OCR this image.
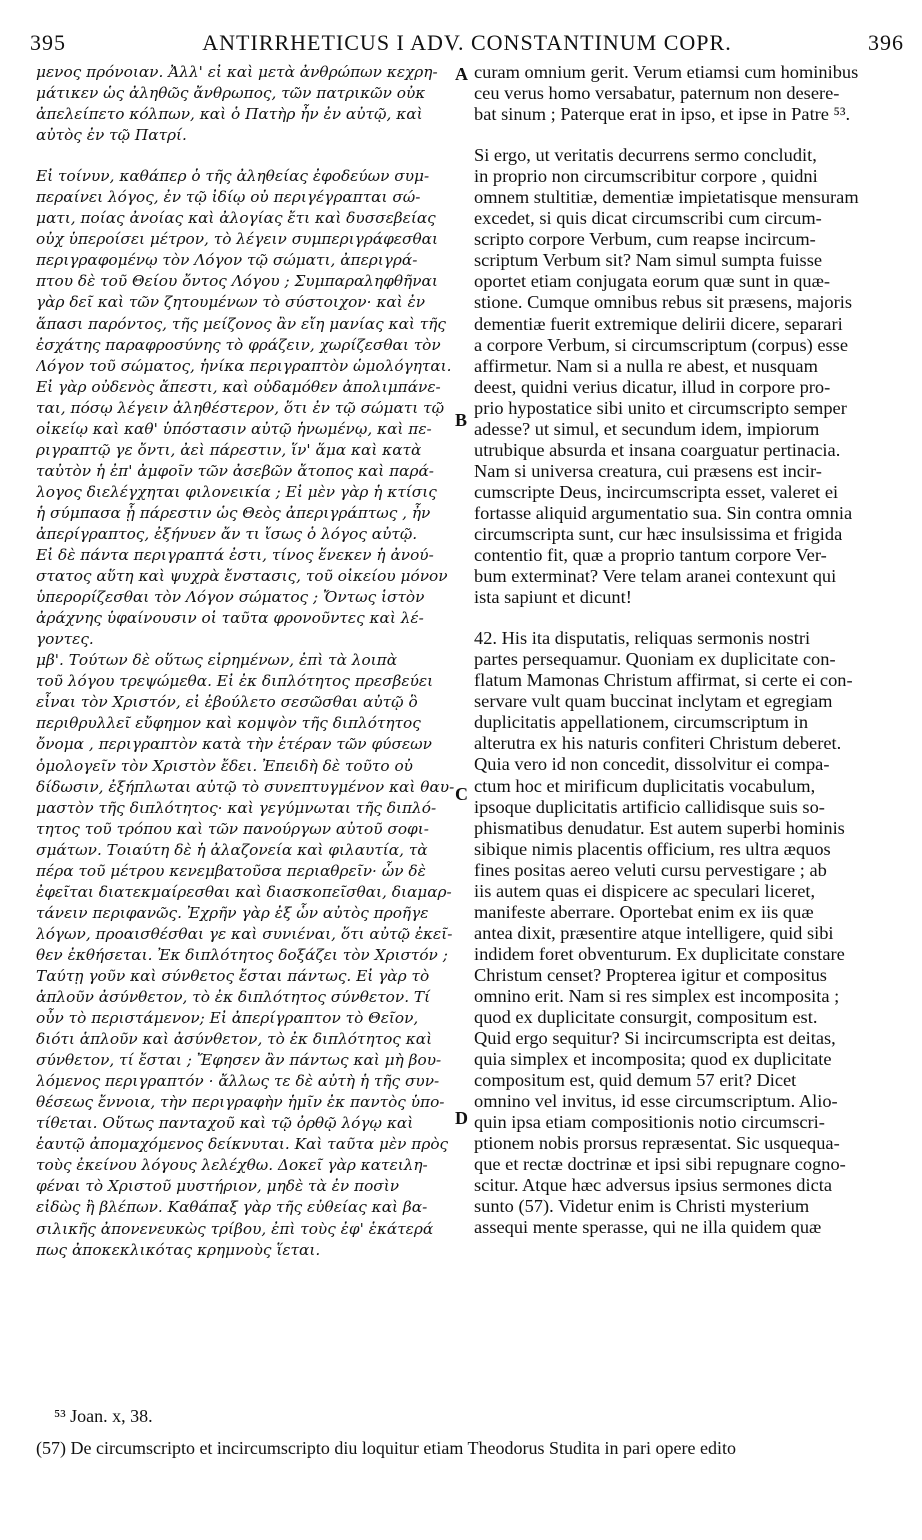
395	ANTIRRHETICUS I ADV. CONSTANTINUM COPR.	396
μενος πρόνοιαν. Ἀλλ' εἰ καὶ μετὰ ἀνθρώπων κεχρη-
μάτικεν ὡς ἀληθῶς ἄνθρωπος, τῶν πατρικῶν οὐκ
ἀπελείπετο κόλπων, καὶ ὁ Πατὴρ ἦν ἐν αὐτῷ, καὶ
αὐτὸς ἐν τῷ Πατρί.
Εἰ τοίνυν, καθάπερ ὁ τῆς ἀληθείας ἐφοδεύων συμ-
περαίνει λόγος, ἐν τῷ ἰδίῳ οὐ περιγέγραπται σώ-
ματι, ποίας ἀνοίας καὶ ἀλογίας ἔτι καὶ δυσσεβείας
οὐχ ὑπεροίσει μέτρον, τὸ λέγειν συμπεριγράφεσθαι
περιγραφομένῳ τὸν Λόγον τῷ σώματι, ἀπεριγρά-
πτου δὲ τοῦ Θείου ὄντος Λόγου ; Συμπαραληφθῆναι
γὰρ δεῖ καὶ τῶν ζητουμένων τὸ σύστοιχον· καὶ ἐν
ἅπασι παρόντος, τῆς μείζονος ἂν εἴη μανίας καὶ τῆς
ἐσχάτης παραφροσύνης τὸ φράζειν, χωρίζεσθαι τὸν
Λόγον τοῦ σώματος, ἡνίκα περιγραπτὸν ὡμολόγηται.
Εἰ γὰρ οὐδενὸς ἄπεστι, καὶ οὐδαμόθεν ἀπολιμπάνε-
ται, πόσῳ λέγειν ἀληθέστερον, ὅτι ἐν τῷ σώματι τῷ
οἰκείῳ καὶ καθ' ὑπόστασιν αὐτῷ ἡνωμένῳ, καὶ πε-
ριγραπτῷ γε ὄντι, ἀεὶ πάρεστιν, ἵν' ἅμα καὶ κατὰ
ταὐτὸν ἡ ἐπ' ἀμφοῖν τῶν ἀσεβῶν ἄτοπος καὶ παρά-
λογος διελέγχηται φιλονεικία ; Εἰ μὲν γὰρ ἡ κτίσις
ἡ σύμπασα ᾗ πάρεστιν ὡς Θεὸς ἀπεριγράπτως , ἦν
ἀπερίγραπτος, ἐξήνυεν ἄν τι ἴσως ὁ λόγος αὐτῷ.
Εἰ δὲ πάντα περιγραπτά ἐστι, τίνος ἕνεκεν ἡ ἀνού-
στατος αὕτη καὶ ψυχρὰ ἔνστασις, τοῦ οἰκείου μόνον
ὑπερορίζεσθαι τὸν Λόγον σώματος ; Ὄντως ἱστὸν
ἀράχνης ὑφαίνουσιν οἱ ταῦτα φρονοῦντες καὶ λέ-
γοντες.
μβ'. Τούτων δὲ οὕτως εἰρημένων, ἐπὶ τὰ λοιπὰ
τοῦ λόγου τρεψώμεθα. Εἰ ἐκ διπλότητος πρεσβεύει
εἶναι τὸν Χριστόν, εἰ ἐβούλετο σεσῶσθαι αὐτῷ ὃ
περιθρυλλεῖ εὔφημον καὶ κομψὸν τῆς διπλότητος
ὄνομα , περιγραπτὸν κατὰ τὴν ἑτέραν τῶν φύσεων
ὁμολογεῖν τὸν Χριστὸν ἔδει. Ἐπειδὴ δὲ τοῦτο οὐ
δίδωσιν, ἐξήπλωται αὐτῷ τὸ συνεπτυγμένον καὶ θαυ-
μαστὸν τῆς διπλότητος· καὶ γεγύμνωται τῆς διπλό-
τητος τοῦ τρόπου καὶ τῶν πανούργων αὐτοῦ σοφι-
σμάτων. Τοιαύτη δὲ ἡ ἀλαζονεία καὶ φιλαυτία, τὰ
πέρα τοῦ μέτρου κενεμβατοῦσα περιαθρεῖν· ὧν δὲ
ἐφεῖται διατεκμαίρεσθαι καὶ διασκοπεῖσθαι, διαμαρ-
τάνειν περιφανῶς. Ἐχρῆν γὰρ ἐξ ὧν αὐτὸς προῆγε
λόγων, προαισθέσθαι γε καὶ συνιέναι, ὅτι αὐτῷ ἐκεῖ-
θεν ἐκθήσεται. Ἐκ διπλότητος δοξάζει τὸν Χριστόν ;
Ταύτῃ γοῦν καὶ σύνθετος ἔσται πάντως. Εἰ γὰρ τὸ
ἁπλοῦν ἀσύνθετον, τὸ ἐκ διπλότητος σύνθετον. Τί
οὖν τὸ περιστάμενον; Εἰ ἀπερίγραπτον τὸ Θεῖον,
διότι ἁπλοῦν καὶ ἀσύνθετον, τὸ ἐκ διπλότητος καὶ
σύνθετον, τί ἔσται ; Ἔφησεν ἂν πάντως καὶ μὴ βου-
λόμενος περιγραπτόν · ἄλλως τε δὲ αὐτὴ ἡ τῆς συν-
θέσεως ἔννοια, τὴν περιγραφὴν ἡμῖν ἐκ παντὸς ὑπο-
τίθεται. Οὕτως πανταχοῦ καὶ τῷ ὀρθῷ λόγῳ καὶ
ἑαυτῷ ἀπομαχόμενος δείκνυται. Καὶ ταῦτα μὲν πρὸς
τοὺς ἐκείνου λόγους λελέχθω. Δοκεῖ γὰρ κατειλη-
φέναι τὸ Χριστοῦ μυστήριον, μηδὲ τὰ ἐν ποσὶν
εἰδὼς ἢ βλέπων. Καθάπαξ γὰρ τῆς εὐθείας καὶ βα-
σιλικῆς ἀπονενευκὼς τρίβου, ἐπὶ τοὺς ἐφ' ἑκάτερά
πως ἀποκεκλικότας κρημνοὺς ἵεται.
curam omnium gerit. Verum etiamsi cum hominibus
ceu verus homo versabatur, paternum non desere-
bat sinum ; Paterque erat in ipso, et ipse in Patre ⁵³.
Si ergo, ut veritatis decurrens sermo concludit,
in proprio non circumscribitur corpore , quidni
omnem stultitiæ, dementiæ impietatisque mensuram
excedet, si quis dicat circumscribi cum circum-
scripto corpore Verbum, cum reapse incircum-
scriptum Verbum sit? Nam simul sumpta fuisse
oportet etiam conjugata eorum quæ sunt in quæ-
stione. Cumque omnibus rebus sit præsens, majoris
dementiæ fuerit extremique delirii dicere, separari
a corpore Verbum, si circumscriptum (corpus) esse
affirmetur. Nam si a nulla re abest, et nusquam
deest, quidni verius dicatur, illud in corpore pro-
prio hypostatice sibi unito et circumscripto semper
adesse? ut simul, et secundum idem, impiorum
utrubique absurda et insana coarguatur pertinacia.
Nam si universa creatura, cui præsens est incir-
cumscripte Deus, incircumscripta esset, valeret ei
fortasse aliquid argumentatio sua. Sin contra omnia
circumscripta sunt, cur hæc insulsissima et frigida
contentio fit, quæ a proprio tantum corpore Ver-
bum exterminat? Vere telam aranei contexunt qui
ista sapiunt et dicunt!
42. His ita disputatis, reliquas sermonis nostri
partes persequamur. Quoniam ex duplicitate con-
flatum Mamonas Christum affirmat, si certe ei con-
servare vult quam buccinat inclytam et egregiam
duplicitatis appellationem, circumscriptum in
alterutra ex his naturis confiteri Christum deberet.
Quia vero id non concedit, dissolvitur ei compa-
ctum hoc et mirificum duplicitatis vocabulum,
ipsoque duplicitatis artificio callidisque suis so-
phismatibus denudatur. Est autem superbi hominis
sibique nimis placentis officium, res ultra æquos
fines positas aereo veluti cursu pervestigare ; ab
iis autem quas ei dispicere ac speculari liceret,
manifeste aberrare. Oportebat enim ex iis quæ
antea dixit, præsentire atque intelligere, quid sibi
indidem foret obventurum. Ex duplicitate constare
Christum censet? Propterea igitur et compositus
omnino erit. Nam si res simplex est incomposita ;
quod ex duplicitate consurgit, compositum est.
Quid ergo sequitur? Si incircumscripta est deitas,
quia simplex et incomposita; quod ex duplicitate
compositum est, quid demum 57 erit? Dicet
omnino vel invitus, id esse circumscriptum. Alio-
quin ipsa etiam compositionis notio circumscri-
ptionem nobis prorsus repræsentat. Sic usquequa-
que et rectæ doctrinæ et ipsi sibi repugnare cogno-
scitur. Atque hæc adversus ipsius sermones dicta
sunto (57). Videtur enim is Christi mysterium
assequi mente sperasse, qui ne illa quidem quæ
A
B
C
D
⁵³ Joan. x, 38.
(57) De circumscripto et incircumscripto diu loquitur etiam Theodorus Studita in pari opere edito
